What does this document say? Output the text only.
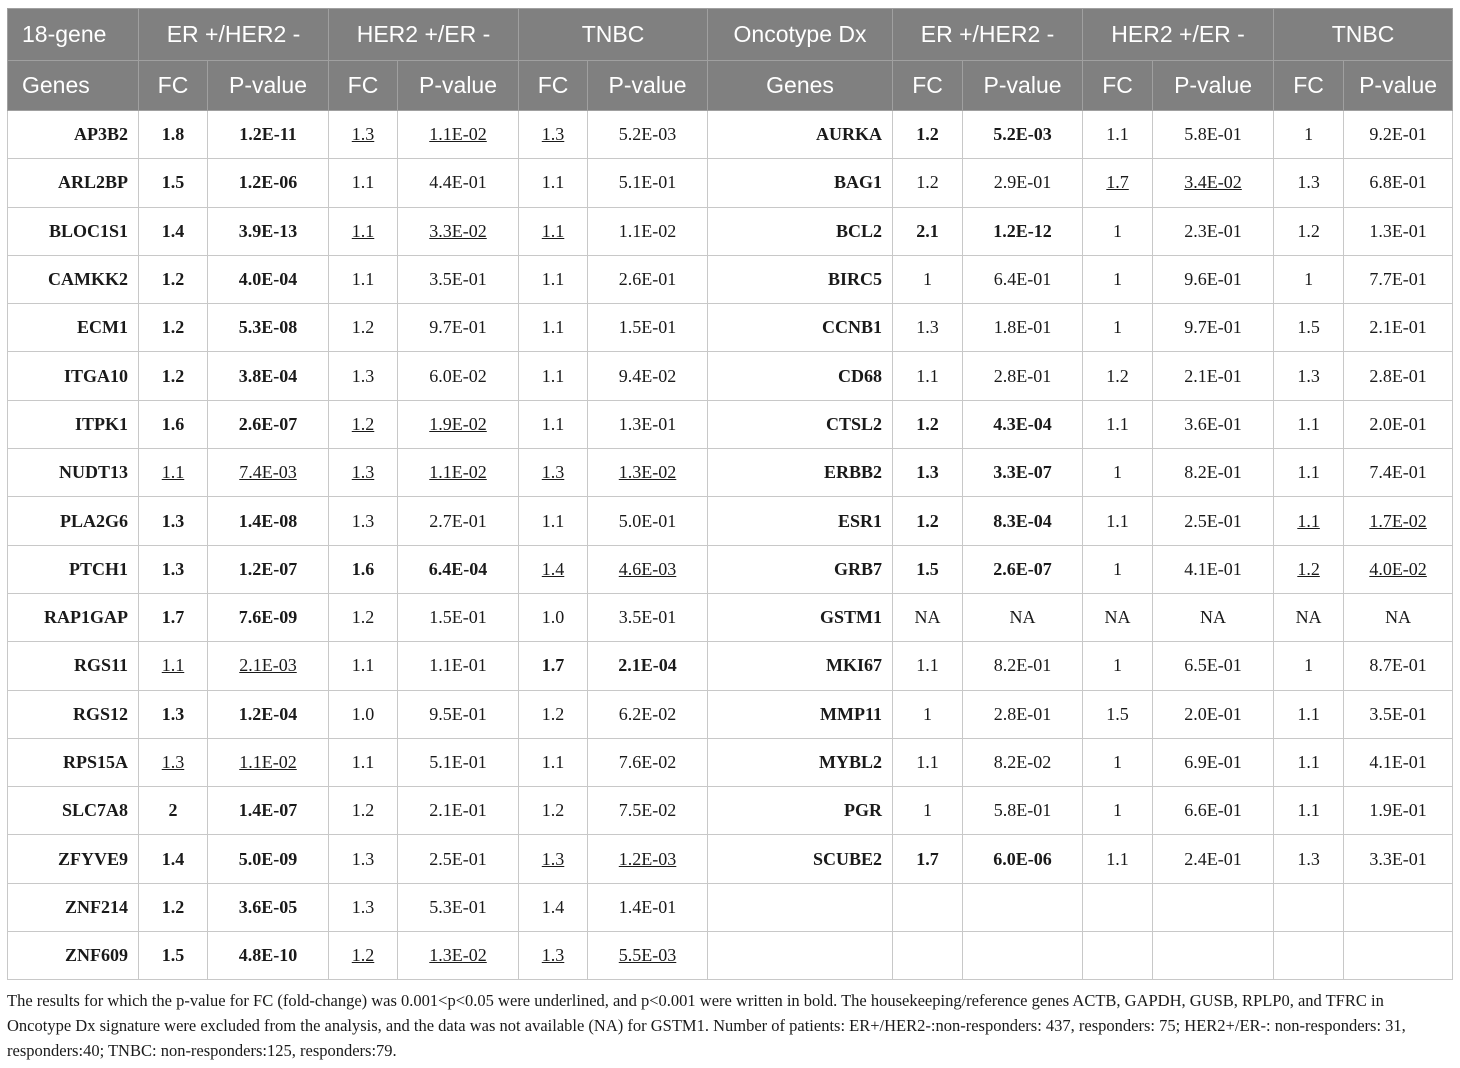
18-gene	ER +/HER2 -		HER2 +/ER -		TNBC		Oncotype Dx	ER +/HER2 -		HER2 +/ER -		TNBC	
Genes	FC	P-value	FC	P-value	FC	P-value	Genes	FC	P-value	FC	P-value	FC	P-value
AP3B2	1.8	1.2E-11	1.3	1.1E-02	1.3	5.2E-03	AURKA	1.2	5.2E-03	1.1	5.8E-01	1	9.2E-01
ARL2BP	1.5	1.2E-06	1.1	4.4E-01	1.1	5.1E-01	BAG1	1.2	2.9E-01	1.7	3.4E-02	1.3	6.8E-01
BLOC1S1	1.4	3.9E-13	1.1	3.3E-02	1.1	1.1E-02	BCL2	2.1	1.2E-12	1	2.3E-01	1.2	1.3E-01
CAMKK2	1.2	4.0E-04	1.1	3.5E-01	1.1	2.6E-01	BIRC5	1	6.4E-01	1	9.6E-01	1	7.7E-01
ECM1	1.2	5.3E-08	1.2	9.7E-01	1.1	1.5E-01	CCNB1	1.3	1.8E-01	1	9.7E-01	1.5	2.1E-01
ITGA10	1.2	3.8E-04	1.3	6.0E-02	1.1	9.4E-02	CD68	1.1	2.8E-01	1.2	2.1E-01	1.3	2.8E-01
ITPK1	1.6	2.6E-07	1.2	1.9E-02	1.1	1.3E-01	CTSL2	1.2	4.3E-04	1.1	3.6E-01	1.1	2.0E-01
NUDT13	1.1	7.4E-03	1.3	1.1E-02	1.3	1.3E-02	ERBB2	1.3	3.3E-07	1	8.2E-01	1.1	7.4E-01
PLA2G6	1.3	1.4E-08	1.3	2.7E-01	1.1	5.0E-01	ESR1	1.2	8.3E-04	1.1	2.5E-01	1.1	1.7E-02
PTCH1	1.3	1.2E-07	1.6	6.4E-04	1.4	4.6E-03	GRB7	1.5	2.6E-07	1	4.1E-01	1.2	4.0E-02
RAP1GAP	1.7	7.6E-09	1.2	1.5E-01	1.0	3.5E-01	GSTM1	NA	NA	NA	NA	NA	NA
RGS11	1.1	2.1E-03	1.1	1.1E-01	1.7	2.1E-04	MKI67	1.1	8.2E-01	1	6.5E-01	1	8.7E-01
RGS12	1.3	1.2E-04	1.0	9.5E-01	1.2	6.2E-02	MMP11	1	2.8E-01	1.5	2.0E-01	1.1	3.5E-01
RPS15A	1.3	1.1E-02	1.1	5.1E-01	1.1	7.6E-02	MYBL2	1.1	8.2E-02	1	6.9E-01	1.1	4.1E-01
SLC7A8	2	1.4E-07	1.2	2.1E-01	1.2	7.5E-02	PGR	1	5.8E-01	1	6.6E-01	1.1	1.9E-01
ZFYVE9	1.4	5.0E-09	1.3	2.5E-01	1.3	1.2E-03	SCUBE2	1.7	6.0E-06	1.1	2.4E-01	1.3	3.3E-01
ZNF214	1.2	3.6E-05	1.3	5.3E-01	1.4	1.4E-01							
ZNF609	1.5	4.8E-10	1.2	1.3E-02	1.3	5.5E-03							

The results for which the p-value for FC (fold-change) was 0.001<p<0.05 were underlined, and p<0.001 were written in bold. The housekeeping/reference genes ACTB, GAPDH, GUSB, RPLP0, and TFRC in Oncotype Dx signature were excluded from the analysis, and the data was not available (NA) for GSTM1. Number of patients: ER+/HER2-:non-responders: 437, responders: 75; HER2+/ER-: non-responders: 31, responders:40; TNBC: non-responders:125, responders:79.
